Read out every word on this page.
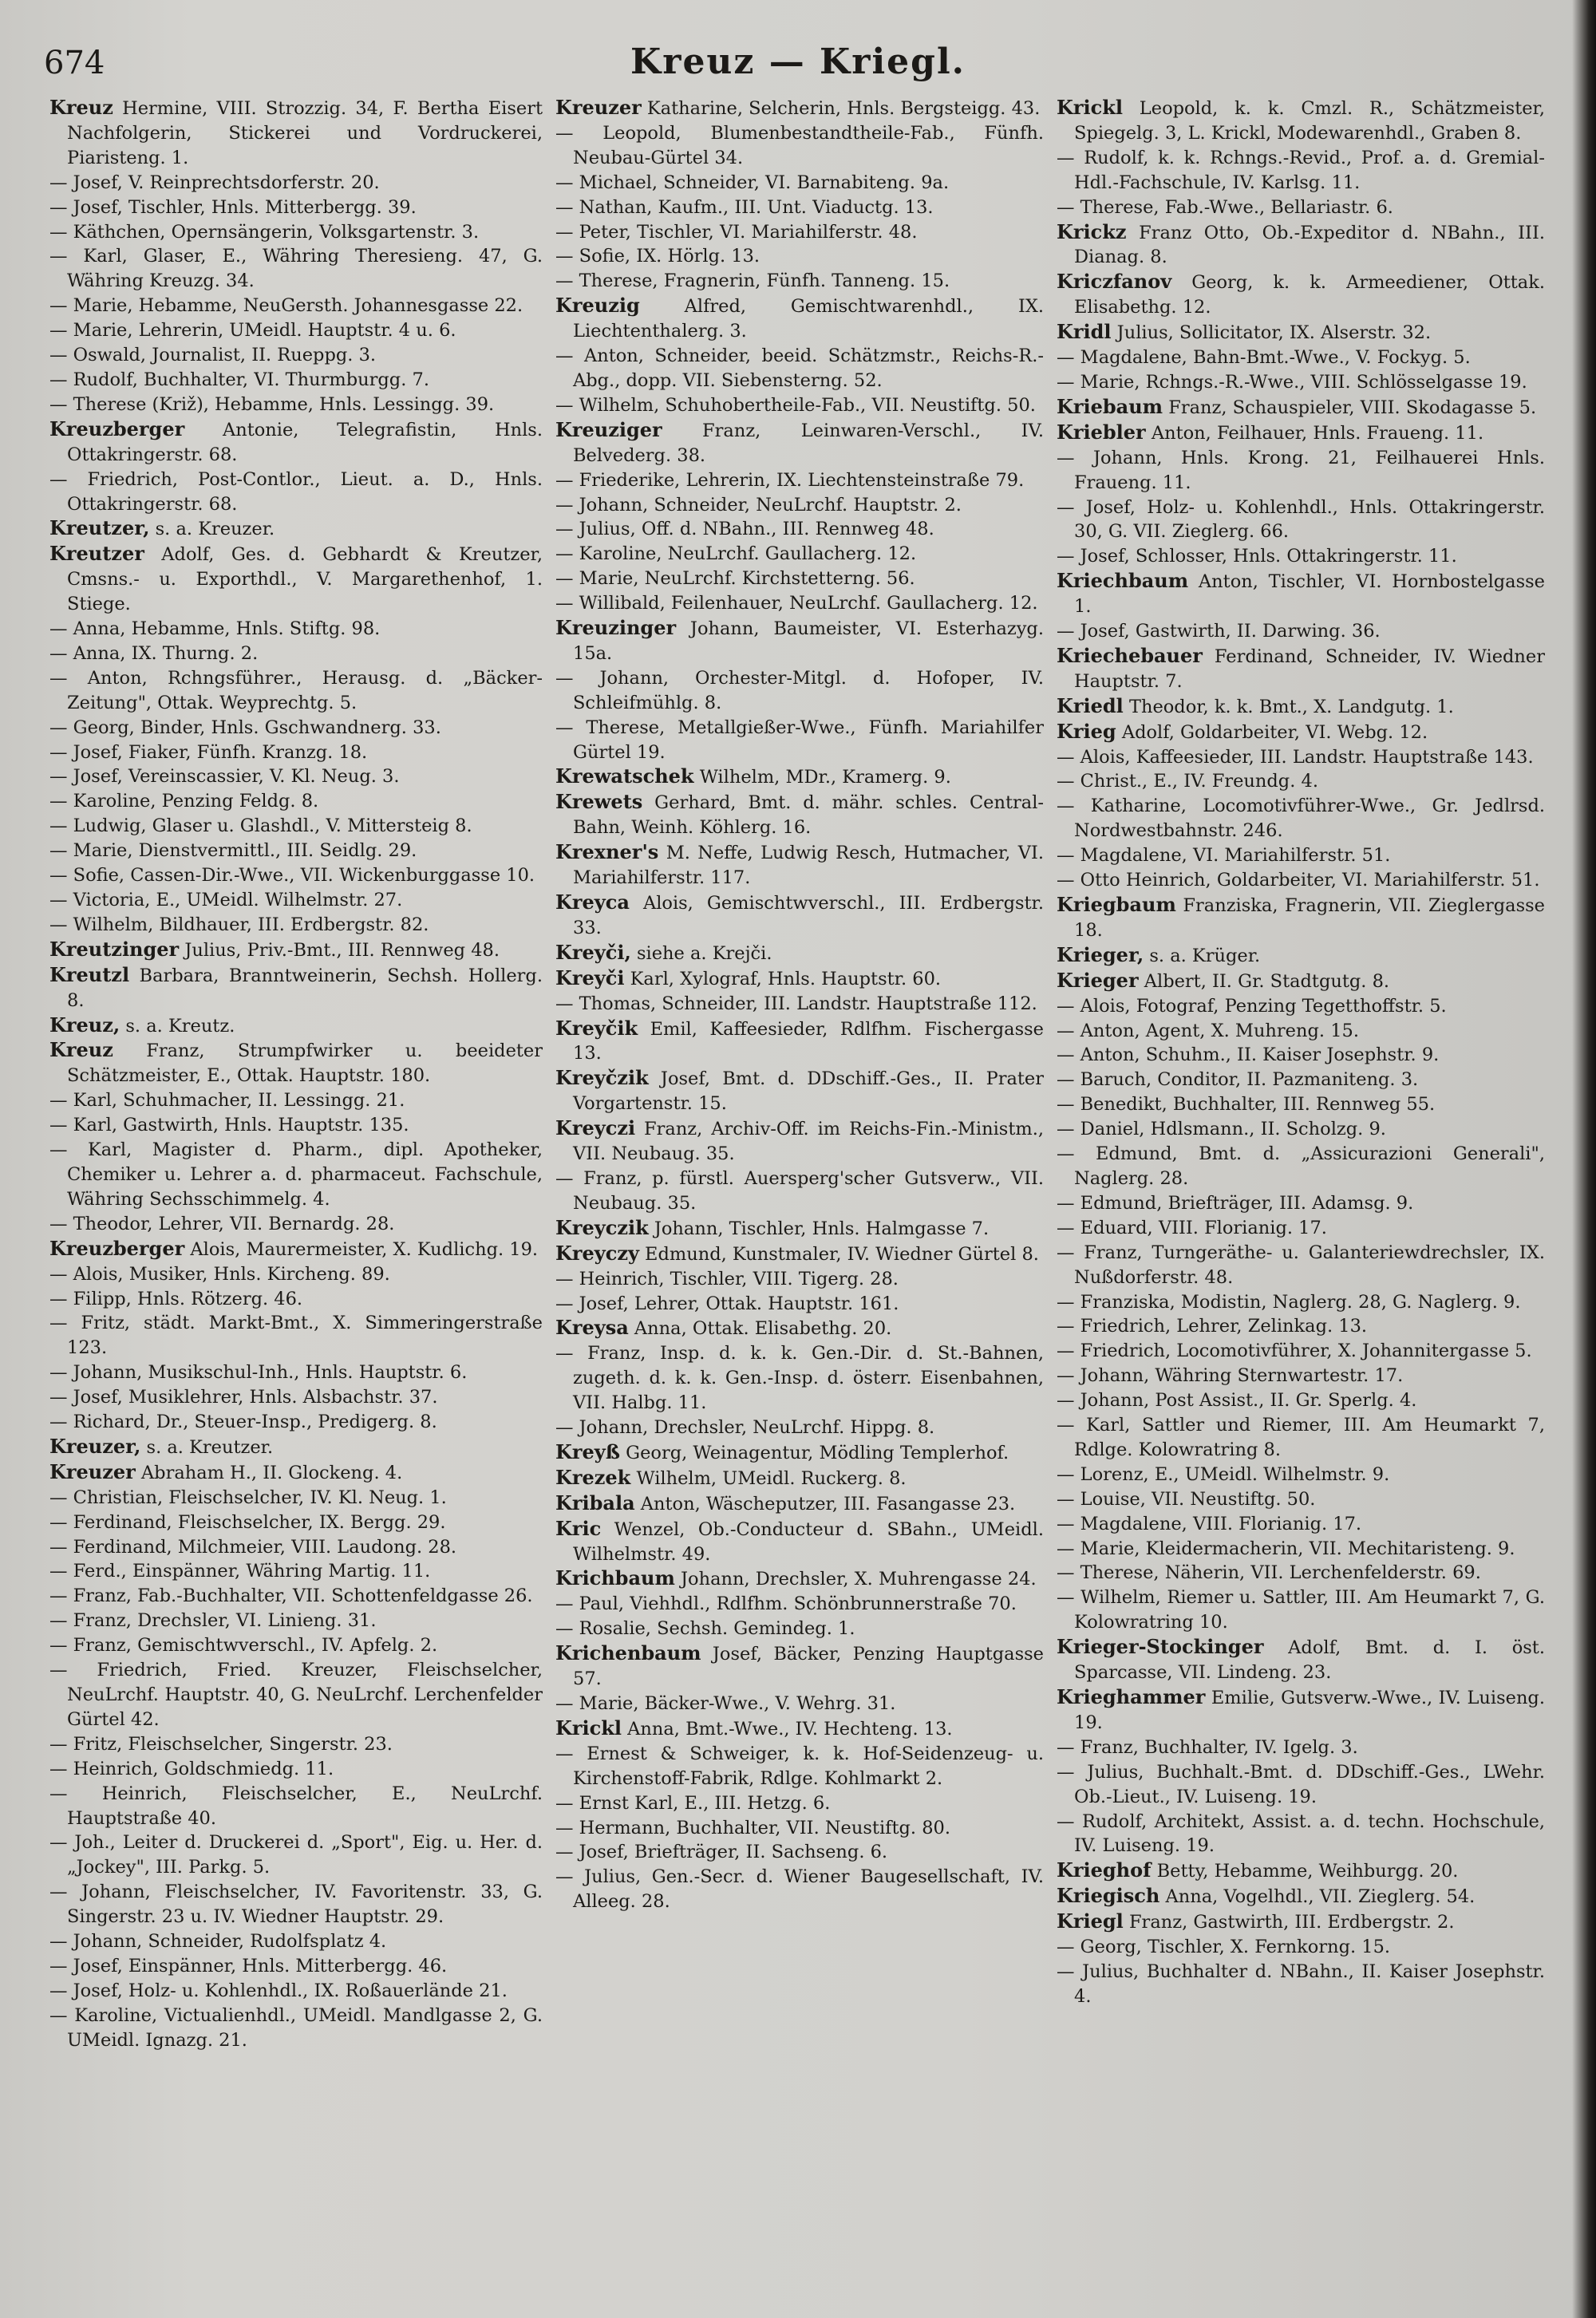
674	Kreuz — Kriegl.
Kreuz Hermine, VIII. Strozzig. 34, F. Bertha Eisert Nachfolgerin, Stickerei und Vordruckerei, Piaristeng. 1.
— Josef, V. Reinprechtsdorferstr. 20.
— Josef, Tischler, Hnls. Mitterbergg. 39.
— Käthchen, Opernsängerin, Volksgartenstr. 3.
— Karl, Glaser, E., Währing Theresieng. 47, G. Währing Kreuzg. 34.
— Marie, Hebamme, NeuGersth. Johannesgasse 22.
— Marie, Lehrerin, UMeidl. Hauptstr. 4 u. 6.
— Oswald, Journalist, II. Rueppg. 3.
— Rudolf, Buchhalter, VI. Thurmburgg. 7.
— Therese (Križ), Hebamme, Hnls. Lessingg. 39.
Kreuzberger Antonie, Telegrafistin, Hnls. Ottakringerstr. 68.
— Friedrich, Post-Contlor., Lieut. a. D., Hnls. Ottakringerstr. 68.
Kreutzer, s. a. Kreuzer.
Kreutzer Adolf, Ges. d. Gebhardt & Kreutzer, Cmsns.- u. Exporthdl., V. Margarethenhof, 1. Stiege.
— Anna, Hebamme, Hnls. Stiftg. 98.
— Anna, IX. Thurng. 2.
— Anton, Rchngsführer., Herausg. d. „Bäcker-Zeitung", Ottak. Weyprechtg. 5.
— Georg, Binder, Hnls. Gschwandnerg. 33.
— Josef, Fiaker, Fünfh. Kranzg. 18.
— Josef, Vereinscassier, V. Kl. Neug. 3.
— Karoline, Penzing Feldg. 8.
— Ludwig, Glaser u. Glashdl., V. Mittersteig 8.
— Marie, Dienstvermittl., III. Seidlg. 29.
— Sofie, Cassen-Dir.-Wwe., VII. Wickenburggasse 10.
— Victoria, E., UMeidl. Wilhelmstr. 27.
— Wilhelm, Bildhauer, III. Erdbergstr. 82.
Kreutzinger Julius, Priv.-Bmt., III. Rennweg 48.
Kreutzl Barbara, Branntweinerin, Sechsh. Hollerg. 8.
Kreuz, s. a. Kreutz.
Kreuz Franz, Strumpfwirker u. beeideter Schätzmeister, E., Ottak. Hauptstr. 180.
— Karl, Schuhmacher, II. Lessingg. 21.
— Karl, Gastwirth, Hnls. Hauptstr. 135.
— Karl, Magister d. Pharm., dipl. Apotheker, Chemiker u. Lehrer a. d. pharmaceut. Fachschule, Währing Sechsschimmelg. 4.
— Theodor, Lehrer, VII. Bernardg. 28.
Kreuzberger Alois, Maurermeister, X. Kudlichg. 19.
— Alois, Musiker, Hnls. Kircheng. 89.
— Filipp, Hnls. Rötzerg. 46.
— Fritz, städt. Markt-Bmt., X. Simmeringerstraße 123.
— Johann, Musikschul-Inh., Hnls. Hauptstr. 6.
— Josef, Musiklehrer, Hnls. Alsbachstr. 37.
— Richard, Dr., Steuer-Insp., Predigerg. 8.
Kreuzer, s. a. Kreutzer.
Kreuzer Abraham H., II. Glockeng. 4.
— Christian, Fleischselcher, IV. Kl. Neug. 1.
— Ferdinand, Fleischselcher, IX. Bergg. 29.
— Ferdinand, Milchmeier, VIII. Laudong. 28.
— Ferd., Einspänner, Währing Martig. 11.
— Franz, Fab.-Buchhalter, VII. Schottenfeldgasse 26.
— Franz, Drechsler, VI. Linieng. 31.
— Franz, Gemischtwverschl., IV. Apfelg. 2.
— Friedrich, Fried. Kreuzer, Fleischselcher, NeuLrchf. Hauptstr. 40, G. NeuLrchf. Lerchenfelder Gürtel 42.
— Fritz, Fleischselcher, Singerstr. 23.
— Heinrich, Goldschmiedg. 11.
— Heinrich, Fleischselcher, E., NeuLrchf. Hauptstraße 40.
— Joh., Leiter d. Druckerei d. „Sport", Eig. u. Her. d. „Jockey", III. Parkg. 5.
— Johann, Fleischselcher, IV. Favoritenstr. 33, G. Singerstr. 23 u. IV. Wiedner Hauptstr. 29.
— Johann, Schneider, Rudolfsplatz 4.
— Josef, Einspänner, Hnls. Mitterbergg. 46.
— Josef, Holz- u. Kohlenhdl., IX. Roßauerlände 21.
— Karoline, Victualienhdl., UMeidl. Mandlgasse 2, G. UMeidl. Ignazg. 21.
Kreuzer Katharine, Selcherin, Hnls. Bergsteigg. 43.
— Leopold, Blumenbestandtheile-Fab., Fünfh. Neubau-Gürtel 34.
— Michael, Schneider, VI. Barnabiteng. 9a.
— Nathan, Kaufm., III. Unt. Viaductg. 13.
— Peter, Tischler, VI. Mariahilferstr. 48.
— Sofie, IX. Hörlg. 13.
— Therese, Fragnerin, Fünfh. Tanneng. 15.
Kreuzig Alfred, Gemischtwarenhdl., IX. Liechtenthalerg. 3.
— Anton, Schneider, beeid. Schätzmstr., Reichs-R.-Abg., dopp. VII. Siebensterng. 52.
— Wilhelm, Schuhobertheile-Fab., VII. Neustiftg. 50.
Kreuziger Franz, Leinwaren-Verschl., IV. Belvederg. 38.
— Friederike, Lehrerin, IX. Liechtensteinstraße 79.
— Johann, Schneider, NeuLrchf. Hauptstr. 2.
— Julius, Off. d. NBahn., III. Rennweg 48.
— Karoline, NeuLrchf. Gaullacherg. 12.
— Marie, NeuLrchf. Kirchstetterng. 56.
— Willibald, Feilenhauer, NeuLrchf. Gaullacherg. 12.
Kreuzinger Johann, Baumeister, VI. Esterhazyg. 15a.
— Johann, Orchester-Mitgl. d. Hofoper, IV. Schleifmühlg. 8.
— Therese, Metallgießer-Wwe., Fünfh. Mariahilfer Gürtel 19.
Krewatschek Wilhelm, MDr., Kramerg. 9.
Krewets Gerhard, Bmt. d. mähr. schles. Central-Bahn, Weinh. Köhlerg. 16.
Krexner's M. Neffe, Ludwig Resch, Hutmacher, VI. Mariahilferstr. 117.
Kreyca Alois, Gemischtwverschl., III. Erdbergstr. 33.
Kreyči, siehe a. Krejči.
Kreyči Karl, Xylograf, Hnls. Hauptstr. 60.
— Thomas, Schneider, III. Landstr. Hauptstraße 112.
Kreyčik Emil, Kaffeesieder, Rdlfhm. Fischergasse 13.
Kreyčzik Josef, Bmt. d. DDschiff.-Ges., II. Prater Vorgartenstr. 15.
Kreyczi Franz, Archiv-Off. im Reichs-Fin.-Ministm., VII. Neubaug. 35.
— Franz, p. fürstl. Auersperg'scher Gutsverw., VII. Neubaug. 35.
Kreyczik Johann, Tischler, Hnls. Halmgasse 7.
Kreyczy Edmund, Kunstmaler, IV. Wiedner Gürtel 8.
— Heinrich, Tischler, VIII. Tigerg. 28.
— Josef, Lehrer, Ottak. Hauptstr. 161.
Kreysa Anna, Ottak. Elisabethg. 20.
— Franz, Insp. d. k. k. Gen.-Dir. d. St.-Bahnen, zugeth. d. k. k. Gen.-Insp. d. österr. Eisenbahnen, VII. Halbg. 11.
— Johann, Drechsler, NeuLrchf. Hippg. 8.
Kreyß Georg, Weinagentur, Mödling Templerhof.
Krezek Wilhelm, UMeidl. Ruckerg. 8.
Kribala Anton, Wäscheputzer, III. Fasangasse 23.
Kric Wenzel, Ob.-Conducteur d. SBahn., UMeidl. Wilhelmstr. 49.
Krichbaum Johann, Drechsler, X. Muhrengasse 24.
— Paul, Viehhdl., Rdlfhm. Schönbrunnerstraße 70.
— Rosalie, Sechsh. Gemindeg. 1.
Krichenbaum Josef, Bäcker, Penzing Hauptgasse 57.
— Marie, Bäcker-Wwe., V. Wehrg. 31.
Krickl Anna, Bmt.-Wwe., IV. Hechteng. 13.
— Ernest & Schweiger, k. k. Hof-Seidenzeug- u. Kirchenstoff-Fabrik, Rdlge. Kohlmarkt 2.
— Ernst Karl, E., III. Hetzg. 6.
— Hermann, Buchhalter, VII. Neustiftg. 80.
— Josef, Briefträger, II. Sachseng. 6.
— Julius, Gen.-Secr. d. Wiener Baugesellschaft, IV. Alleeg. 28.
Krickl Leopold, k. k. Cmzl. R., Schätzmeister, Spiegelg. 3, L. Krickl, Modewarenhdl., Graben 8.
— Rudolf, k. k. Rchngs.-Revid., Prof. a. d. Gremial-Hdl.-Fachschule, IV. Karlsg. 11.
— Therese, Fab.-Wwe., Bellariastr. 6.
Krickz Franz Otto, Ob.-Expeditor d. NBahn., III. Dianag. 8.
Kriczfanov Georg, k. k. Armeediener, Ottak. Elisabethg. 12.
Kridl Julius, Sollicitator, IX. Alserstr. 32.
— Magdalene, Bahn-Bmt.-Wwe., V. Fockyg. 5.
— Marie, Rchngs.-R.-Wwe., VIII. Schlösselgasse 19.
Kriebaum Franz, Schauspieler, VIII. Skodagasse 5.
Kriebler Anton, Feilhauer, Hnls. Fraueng. 11.
— Johann, Hnls. Krong. 21, Feilhauerei Hnls. Fraueng. 11.
— Josef, Holz- u. Kohlenhdl., Hnls. Ottakringerstr. 30, G. VII. Zieglerg. 66.
— Josef, Schlosser, Hnls. Ottakringerstr. 11.
Kriechbaum Anton, Tischler, VI. Hornbostelgasse 1.
— Josef, Gastwirth, II. Darwing. 36.
Kriechebauer Ferdinand, Schneider, IV. Wiedner Hauptstr. 7.
Kriedl Theodor, k. k. Bmt., X. Landgutg. 1.
Krieg Adolf, Goldarbeiter, VI. Webg. 12.
— Alois, Kaffeesieder, III. Landstr. Hauptstraße 143.
— Christ., E., IV. Freundg. 4.
— Katharine, Locomotivführer-Wwe., Gr. Jedlrsd. Nordwestbahnstr. 246.
— Magdalene, VI. Mariahilferstr. 51.
— Otto Heinrich, Goldarbeiter, VI. Mariahilferstr. 51.
Kriegbaum Franziska, Fragnerin, VII. Zieglergasse 18.
Krieger, s. a. Krüger.
Krieger Albert, II. Gr. Stadtgutg. 8.
— Alois, Fotograf, Penzing Tegetthoffstr. 5.
— Anton, Agent, X. Muhreng. 15.
— Anton, Schuhm., II. Kaiser Josephstr. 9.
— Baruch, Conditor, II. Pazmaniteng. 3.
— Benedikt, Buchhalter, III. Rennweg 55.
— Daniel, Hdlsmann., II. Scholzg. 9.
— Edmund, Bmt. d. „Assicurazioni Generali", Naglerg. 28.
— Edmund, Briefträger, III. Adamsg. 9.
— Eduard, VIII. Florianig. 17.
— Franz, Turngeräthe- u. Galanteriewdrechsler, IX. Nußdorferstr. 48.
— Franziska, Modistin, Naglerg. 28, G. Naglerg. 9.
— Friedrich, Lehrer, Zelinkag. 13.
— Friedrich, Locomotivführer, X. Johannitergasse 5.
— Johann, Währing Sternwartestr. 17.
— Johann, Post Assist., II. Gr. Sperlg. 4.
— Karl, Sattler und Riemer, III. Am Heumarkt 7, Rdlge. Kolowratring 8.
— Lorenz, E., UMeidl. Wilhelmstr. 9.
— Louise, VII. Neustiftg. 50.
— Magdalene, VIII. Florianig. 17.
— Marie, Kleidermacherin, VII. Mechitaristeng. 9.
— Therese, Näherin, VII. Lerchenfelderstr. 69.
— Wilhelm, Riemer u. Sattler, III. Am Heumarkt 7, G. Kolowratring 10.
Krieger-Stockinger Adolf, Bmt. d. I. öst. Sparcasse, VII. Lindeng. 23.
Krieghammer Emilie, Gutsverw.-Wwe., IV. Luiseng. 19.
— Franz, Buchhalter, IV. Igelg. 3.
— Julius, Buchhalt.-Bmt. d. DDschiff.-Ges., LWehr. Ob.-Lieut., IV. Luiseng. 19.
— Rudolf, Architekt, Assist. a. d. techn. Hochschule, IV. Luiseng. 19.
Krieghof Betty, Hebamme, Weihburgg. 20.
Kriegisch Anna, Vogelhdl., VII. Zieglerg. 54.
Kriegl Franz, Gastwirth, III. Erdbergstr. 2.
— Georg, Tischler, X. Fernkorng. 15.
— Julius, Buchhalter d. NBahn., II. Kaiser Josephstr. 4.
